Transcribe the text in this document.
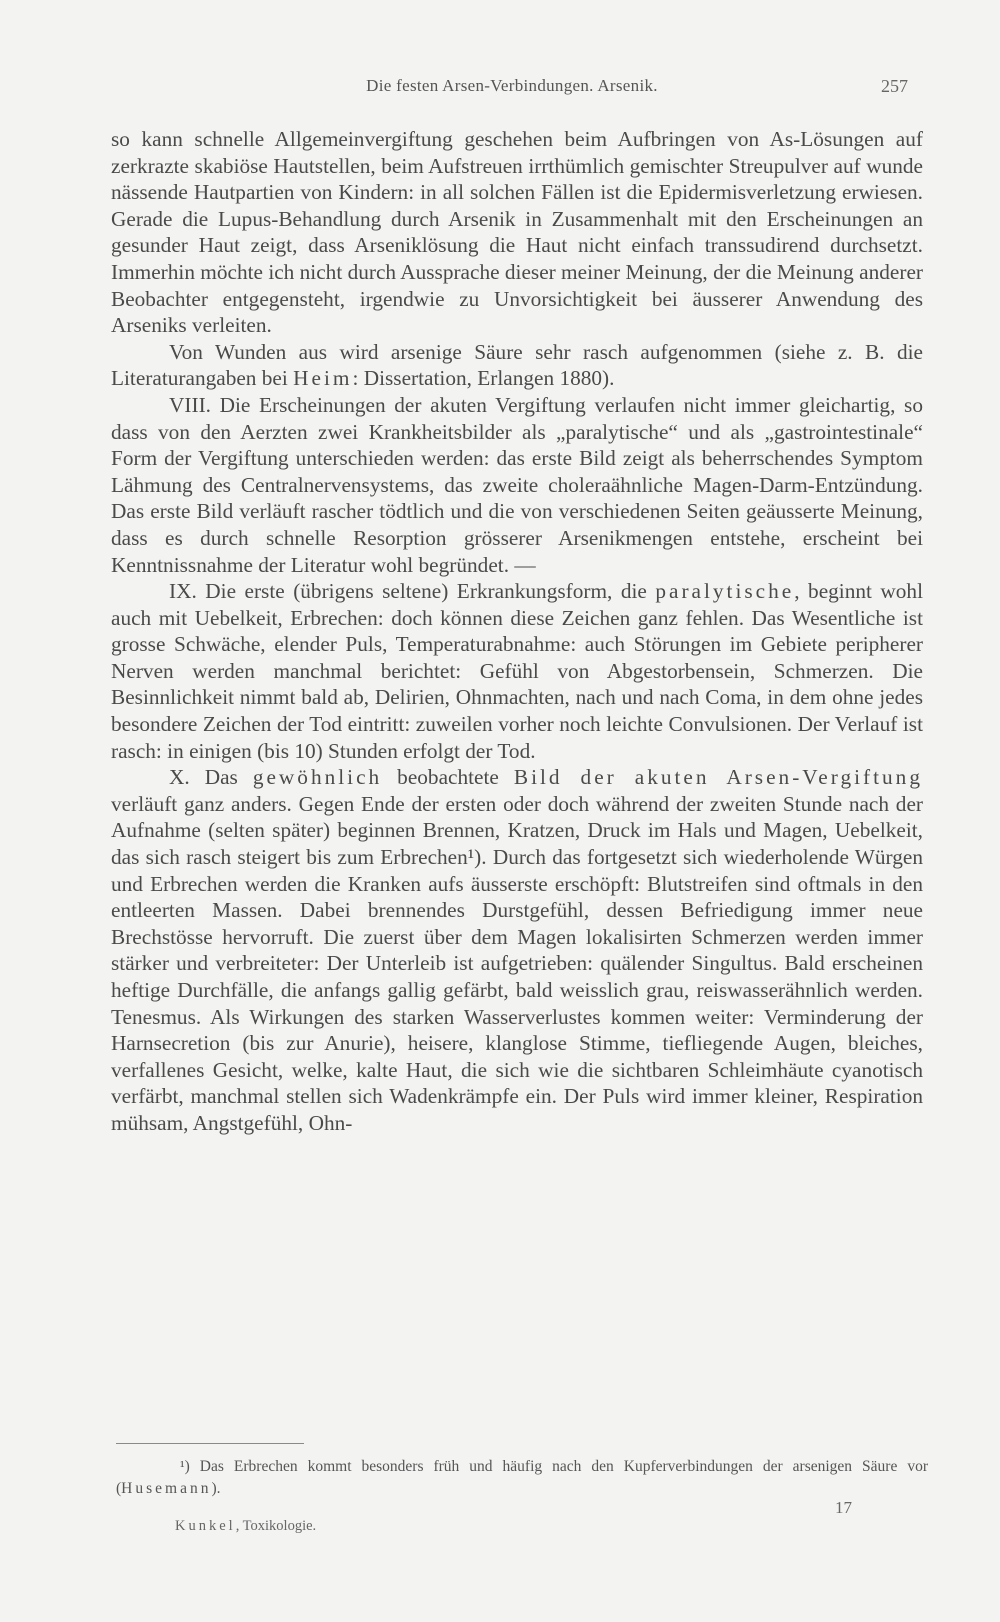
Die festen Arsen-Verbindungen. Arsenik.	257

so kann schnelle Allgemeinvergiftung geschehen beim Aufbringen von As-Lösungen auf zerkrazte skabiöse Hautstellen, beim Aufstreuen irrthümlich gemischter Streupulver auf wunde nässende Hautpartien von Kindern: in all solchen Fällen ist die Epidermisverletzung erwiesen. Gerade die Lupus-Behandlung durch Arsenik in Zusammenhalt mit den Erscheinungen an gesunder Haut zeigt, dass Arseniklösung die Haut nicht einfach transsudirend durchsetzt. Immerhin möchte ich nicht durch Aussprache dieser meiner Meinung, der die Meinung anderer Beobachter entgegensteht, irgendwie zu Unvorsichtigkeit bei äusserer Anwendung des Arseniks verleiten.

Von Wunden aus wird arsenige Säure sehr rasch aufgenommen (siehe z. B. die Literaturangaben bei Heim: Dissertation, Erlangen 1880).

VIII. Die Erscheinungen der akuten Vergiftung verlaufen nicht immer gleichartig, so dass von den Aerzten zwei Krankheitsbilder als „paralytische“ und als „gastrointestinale“ Form der Vergiftung unterschieden werden: das erste Bild zeigt als beherrschendes Symptom Lähmung des Centralnervensystems, das zweite choleraähnliche Magen-Darm-Entzündung. Das erste Bild verläuft rascher tödtlich und die von verschiedenen Seiten geäusserte Meinung, dass es durch schnelle Resorption grösserer Arsenikmengen entstehe, erscheint bei Kenntnissnahme der Literatur wohl begründet. —

IX. Die erste (übrigens seltene) Erkrankungsform, die paralytische, beginnt wohl auch mit Uebelkeit, Erbrechen: doch können diese Zeichen ganz fehlen. Das Wesentliche ist grosse Schwäche, elender Puls, Temperaturabnahme: auch Störungen im Gebiete peripherer Nerven werden manchmal berichtet: Gefühl von Abgestorbensein, Schmerzen. Die Besinnlichkeit nimmt bald ab, Delirien, Ohnmachten, nach und nach Coma, in dem ohne jedes besondere Zeichen der Tod eintritt: zuweilen vorher noch leichte Convulsionen. Der Verlauf ist rasch: in einigen (bis 10) Stunden erfolgt der Tod.

X. Das gewöhnlich beobachtete Bild der akuten Arsen-Vergiftung verläuft ganz anders. Gegen Ende der ersten oder doch während der zweiten Stunde nach der Aufnahme (selten später) beginnen Brennen, Kratzen, Druck im Hals und Magen, Uebelkeit, das sich rasch steigert bis zum Erbrechen¹). Durch das fortgesetzt sich wiederholende Würgen und Erbrechen werden die Kranken aufs äusserste erschöpft: Blutstreifen sind oftmals in den entleerten Massen. Dabei brennendes Durstgefühl, dessen Befriedigung immer neue Brechstösse hervorruft. Die zuerst über dem Magen lokalisirten Schmerzen werden immer stärker und verbreiteter: Der Unterleib ist aufgetrieben: quälender Singultus. Bald erscheinen heftige Durchfälle, die anfangs gallig gefärbt, bald weisslich grau, reiswasserähnlich werden. Tenesmus. Als Wirkungen des starken Wasserverlustes kommen weiter: Verminderung der Harnsecretion (bis zur Anurie), heisere, klanglose Stimme, tiefliegende Augen, bleiches, verfallenes Gesicht, welke, kalte Haut, die sich wie die sichtbaren Schleimhäute cyanotisch verfärbt, manchmal stellen sich Wadenkrämpfe ein. Der Puls wird immer kleiner, Respiration mühsam, Angstgefühl, Ohn-

¹) Das Erbrechen kommt besonders früh und häufig nach den Kupferverbindungen der arsenigen Säure vor (Husemann).

Kunkel, Toxikologie.
17
